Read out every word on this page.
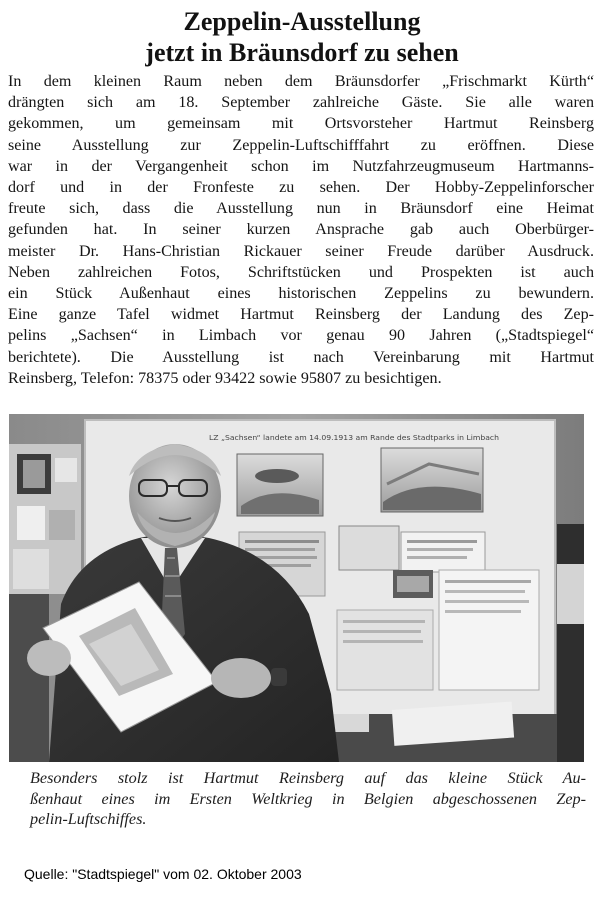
Zeppelin-Ausstellung
jetzt in Bräunsdorf zu sehen
In dem kleinen Raum neben dem Bräunsdorfer „Frischmarkt Kürth“
drängten sich am 18. September zahlreiche Gäste. Sie alle waren
gekommen, um gemeinsam mit Ortsvorsteher Hartmut Reinsberg
seine Ausstellung zur Zeppelin-Luftschifffahrt zu eröffnen. Diese
war in der Vergangenheit schon im Nutzfahrzeugmuseum Hartmanns-
dorf und in der Fronfeste zu sehen. Der Hobby-Zeppelinforscher
freute sich, dass die Ausstellung nun in Bräunsdorf eine Heimat
gefunden hat. In seiner kurzen Ansprache gab auch Oberbürger-
meister Dr. Hans-Christian Rickauer seiner Freude darüber Ausdruck.
Neben zahlreichen Fotos, Schriftstücken und Prospekten ist auch
ein Stück Außenhaut eines historischen Zeppelins zu bewundern.
Eine ganze Tafel widmet Hartmut Reinsberg der Landung des Zep-
pelins „Sachsen“ in Limbach vor genau 90 Jahren („Stadtspiegel“
berichtete). Die Ausstellung ist nach Vereinbarung mit Hartmut
Reinsberg, Telefon: 78375 oder 93422 sowie 95807 zu besichtigen.
LZ „Sachsen“ landete am 14.09.1913 am Rande des Stadtparks in Limbach
Besonders stolz ist Hartmut Reinsberg auf das kleine Stück Au-
ßenhaut eines im Ersten Weltkrieg in Belgien abgeschossenen Zep-
pelin-Luftschiffes.
Quelle: "Stadtspiegel" vom 02. Oktober 2003
